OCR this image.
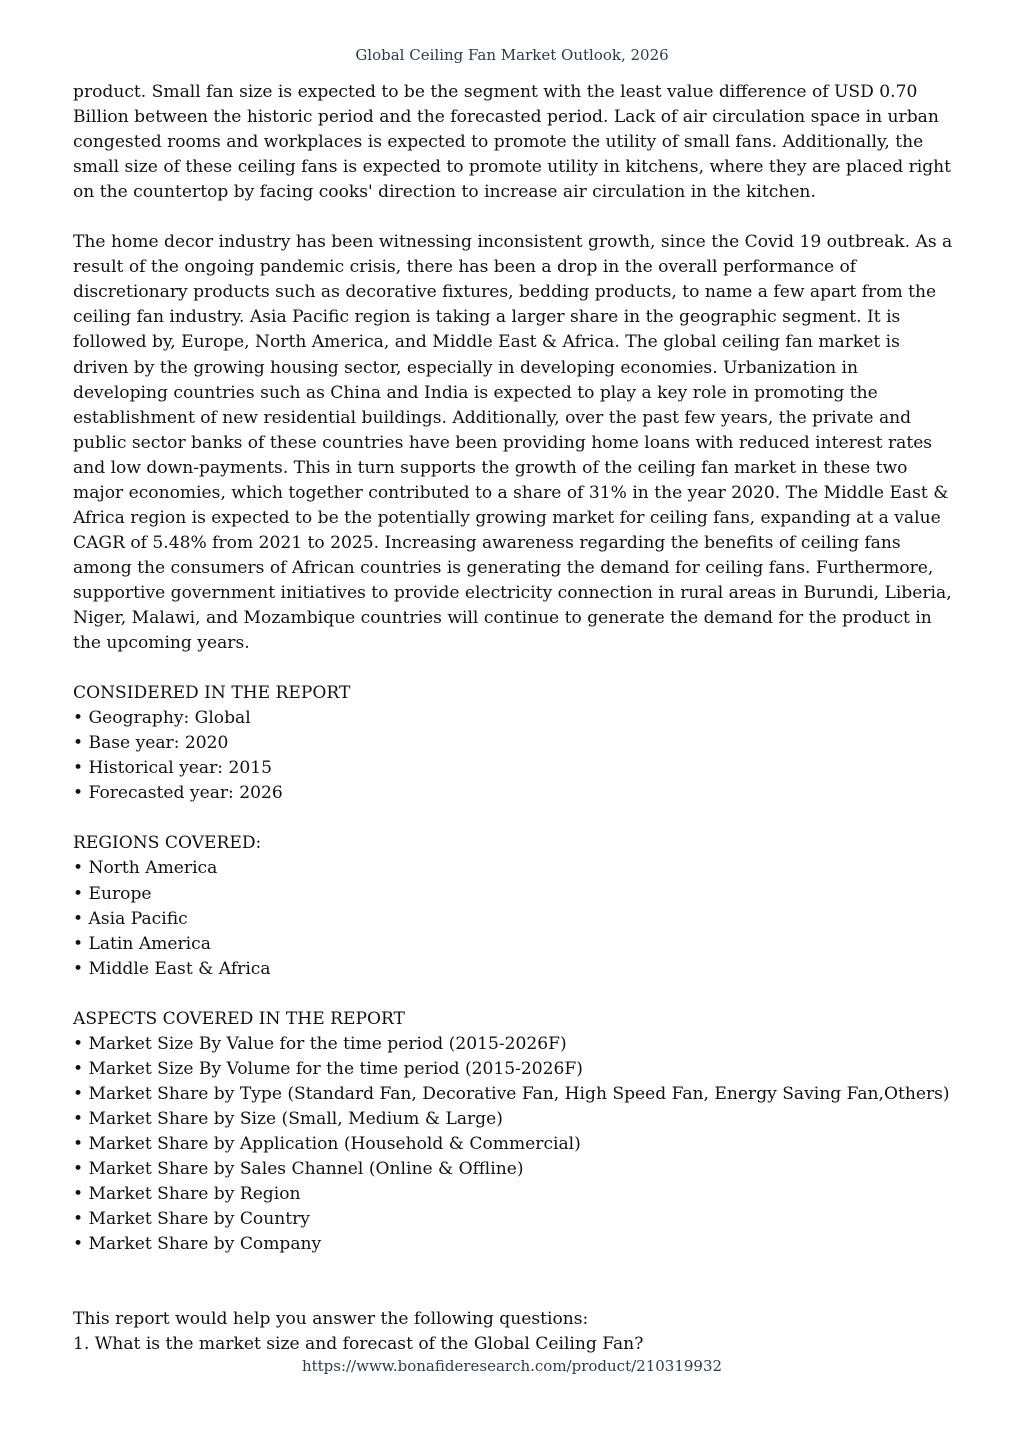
Global Ceiling Fan Market Outlook, 2026

product. Small fan size is expected to be the segment with the least value difference of USD 0.70
Billion between the historic period and the forecasted period. Lack of air circulation space in urban
congested rooms and workplaces is expected to promote the utility of small fans. Additionally, the
small size of these ceiling fans is expected to promote utility in kitchens, where they are placed right
on the countertop by facing cooks' direction to increase air circulation in the kitchen.

The home decor industry has been witnessing inconsistent growth, since the Covid 19 outbreak. As a
result of the ongoing pandemic crisis, there has been a drop in the overall performance of
discretionary products such as decorative fixtures, bedding products, to name a few apart from the
ceiling fan industry. Asia Pacific region is taking a larger share in the geographic segment. It is
followed by, Europe, North America, and Middle East & Africa. The global ceiling fan market is
driven by the growing housing sector, especially in developing economies. Urbanization in
developing countries such as China and India is expected to play a key role in promoting the
establishment of new residential buildings. Additionally, over the past few years, the private and
public sector banks of these countries have been providing home loans with reduced interest rates
and low down-payments. This in turn supports the growth of the ceiling fan market in these two
major economies, which together contributed to a share of 31% in the year 2020. The Middle East &
Africa region is expected to be the potentially growing market for ceiling fans, expanding at a value
CAGR of 5.48% from 2021 to 2025. Increasing awareness regarding the benefits of ceiling fans
among the consumers of African countries is generating the demand for ceiling fans. Furthermore,
supportive government initiatives to provide electricity connection in rural areas in Burundi, Liberia,
Niger, Malawi, and Mozambique countries will continue to generate the demand for the product in
the upcoming years.

CONSIDERED IN THE REPORT
• Geography: Global
• Base year: 2020
• Historical year: 2015
• Forecasted year: 2026
REGIONS COVERED:
• North America
• Europe
• Asia Pacific
• Latin America
• Middle East & Africa
ASPECTS COVERED IN THE REPORT
• Market Size By Value for the time period (2015-2026F)
• Market Size By Volume for the time period (2015-2026F)
• Market Share by Type (Standard Fan, Decorative Fan, High Speed Fan, Energy Saving Fan,Others)
• Market Share by Size (Small, Medium & Large)
• Market Share by Application (Household & Commercial)
• Market Share by Sales Channel (Online & Offline)
• Market Share by Region
• Market Share by Country
• Market Share by Company
This report would help you answer the following questions:
1. What is the market size and forecast of the Global Ceiling Fan?
https://www.bonafideresearch.com/product/210319932
